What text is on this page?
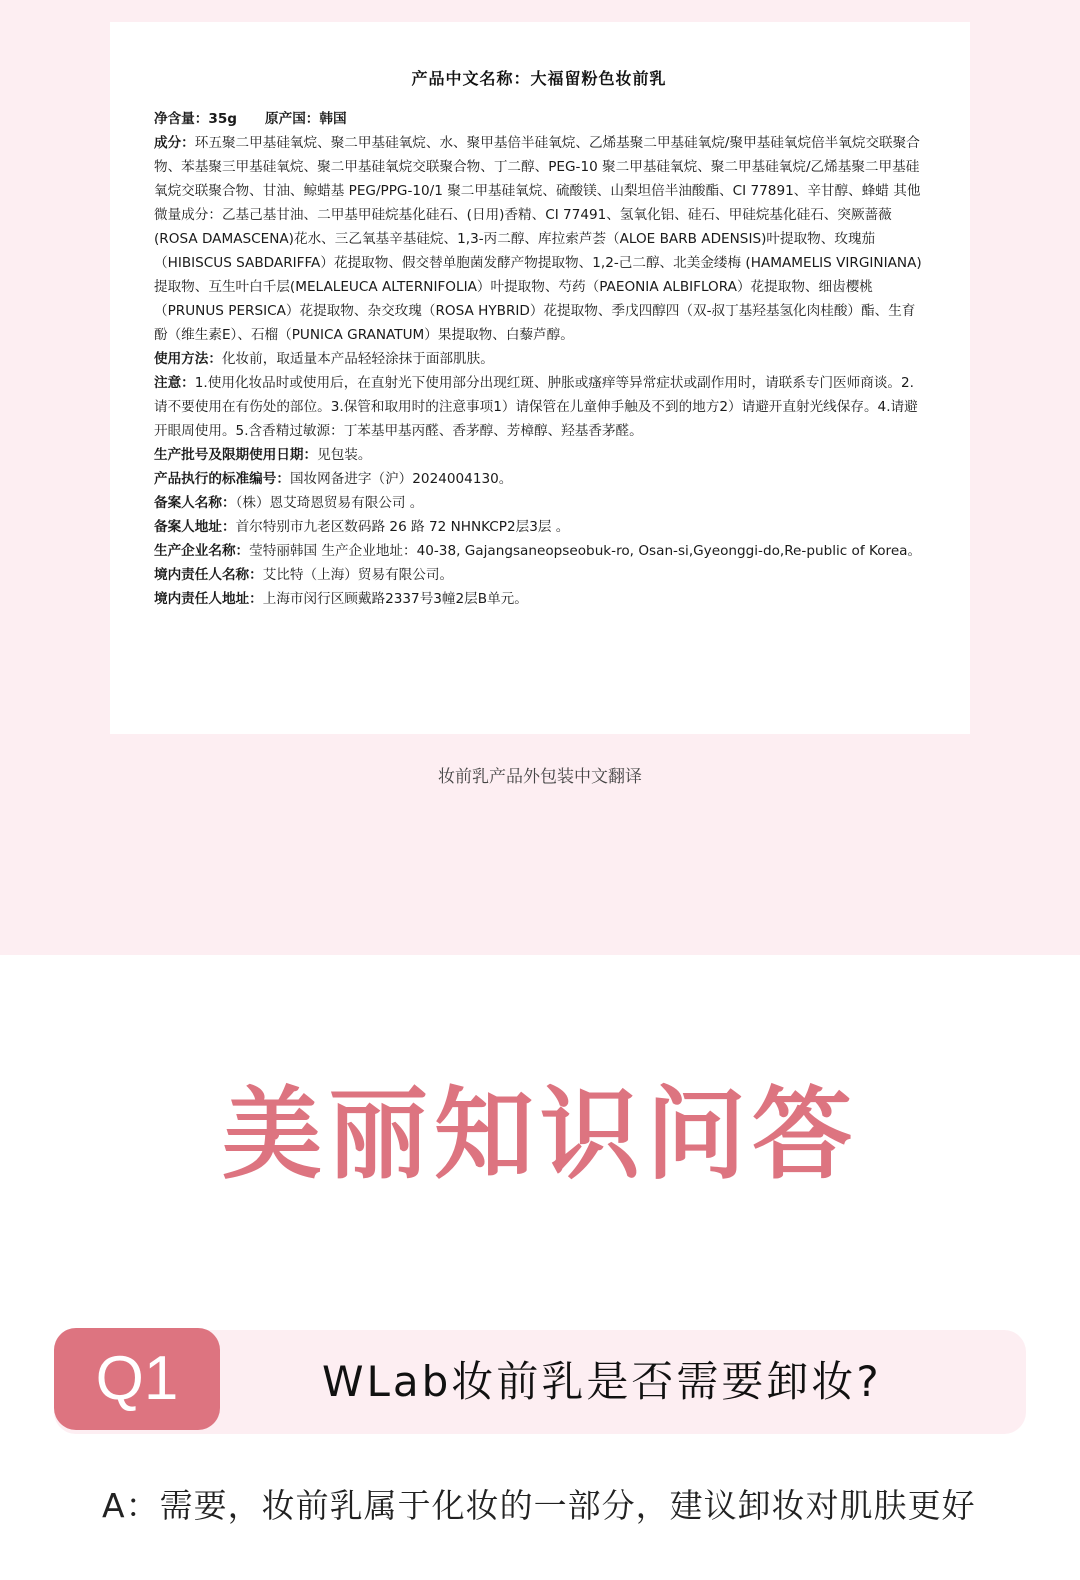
产品中文名称：大福留粉色妆前乳
净含量：35g 原产国：韩国
成分：环五聚二甲基硅氧烷、聚二甲基硅氧烷、水、聚甲基倍半硅氧烷、乙烯基聚二甲基硅氧烷/聚甲基硅氧烷倍半氧烷交联聚合物、苯基聚三甲基硅氧烷、聚二甲基硅氧烷交联聚合物、丁二醇、PEG-10 聚二甲基硅氧烷、聚二甲基硅氧烷/乙烯基聚二甲基硅氧烷交联聚合物、甘油、鲸蜡基 PEG/PPG-10/1 聚二甲基硅氧烷、硫酸镁、山梨坦倍半油酸酯、CI 77891、辛甘醇、蜂蜡 其他微量成分：乙基己基甘油、二甲基甲硅烷基化硅石、(日用)香精、CI 77491、氢氧化铝、硅石、甲硅烷基化硅石、突厥蔷薇(ROSA DAMASCENA)花水、三乙氧基辛基硅烷、1,3-丙二醇、库拉索芦荟（ALOE BARB ADENSIS)叶提取物、玫瑰茄（HIBISCUS SABDARIFFA）花提取物、假交替单胞菌发酵产物提取物、1,2-己二醇、北美金缕梅 (HAMAMELIS VIRGINIANA) 提取物、互生叶白千层(MELALEUCA ALTERNIFOLIA）叶提取物、芍药（PAEONIA ALBIFLORA）花提取物、细齿樱桃（PRUNUS PERSICA）花提取物、杂交玫瑰（ROSA HYBRID）花提取物、季戊四醇四（双-叔丁基羟基氢化肉桂酸）酯、生育酚（维生素E）、石榴（PUNICA GRANATUM）果提取物、白藜芦醇。
使用方法：化妆前，取适量本产品轻轻涂抹于面部肌肤。
注意：1.使用化妆品时或使用后，在直射光下使用部分出现红斑、肿胀或瘙痒等异常症状或副作用时，请联系专门医师商谈。2.请不要使用在有伤处的部位。3.保管和取用时的注意事项1）请保管在儿童伸手触及不到的地方2）请避开直射光线保存。4.请避开眼周使用。5.含香精过敏源：丁苯基甲基丙醛、香茅醇、芳樟醇、羟基香茅醛。
生产批号及限期使用日期：见包装。
产品执行的标准编号：国妆网备进字（沪）2024004130。
备案人名称：（株）恩艾琦恩贸易有限公司 。
备案人地址：首尔特别市九老区数码路 26 路 72 NHNKCP2层3层 。
生产企业名称：莹特丽韩国 生产企业地址：40-38, Gajangsaneopseobuk-ro, Osan-si,Gyeonggi-do,Re-public of Korea。
境内责任人名称：艾比特（上海）贸易有限公司。
境内责任人地址：上海市闵行区顾戴路2337号3幢2层B单元。
妆前乳产品外包装中文翻译
美丽知识问答
Q1	WLab妆前乳是否需要卸妆?
A：需要，妆前乳属于化妆的一部分，建议卸妆对肌肤更好
